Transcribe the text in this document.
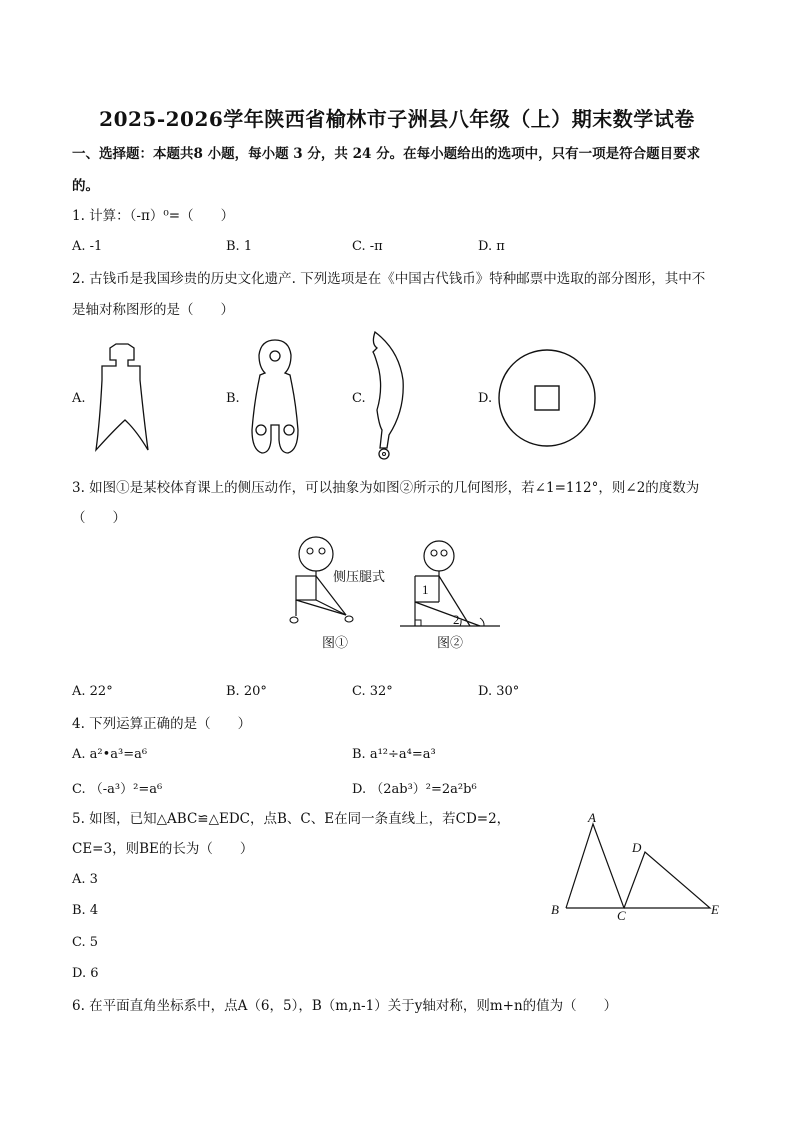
2025-2026学年陕西省榆林市子洲县八年级（上）期末数学试卷
一、选择题：本题共8 小题，每小题 3 分，共 24 分。在每小题给出的选项中，只有一项是符合题目要求
的。
1. 计算：（-π）⁰=（　　）
A. -1	B. 1	C. -π	D. π
2. 古钱币是我国珍贵的历史文化遗产. 下列选项是在《中国古代钱币》特种邮票中选取的部分图形，其中不
是轴对称图形的是（　　）
A.	B.	C.	D.
3. 如图①是某校体育课上的侧压动作，可以抽象为如图②所示的几何图形，若∠1=112°，则∠2的度数为
（　　）
侧压腿式
图①
1
2
图②
A. 22°	B. 20°	C. 32°	D. 30°
4. 下列运算正确的是（　　）
A. a²•a³=a⁶	B. a¹²÷a⁴=a³
C. （-a³）²=a⁶	D. （2ab³）²=2a²b⁶
5. 如图，已知△ABC≌△EDC，点B、C、E在同一条直线上，若CD=2，
CE=3，则BE的长为（　　）
A. 3
B. 4
C. 5
D. 6
A
B	C
D
E
6. 在平面直角坐标系中，点A（6，5），B（m,n-1）关于y轴对称，则m+n的值为（　　）
